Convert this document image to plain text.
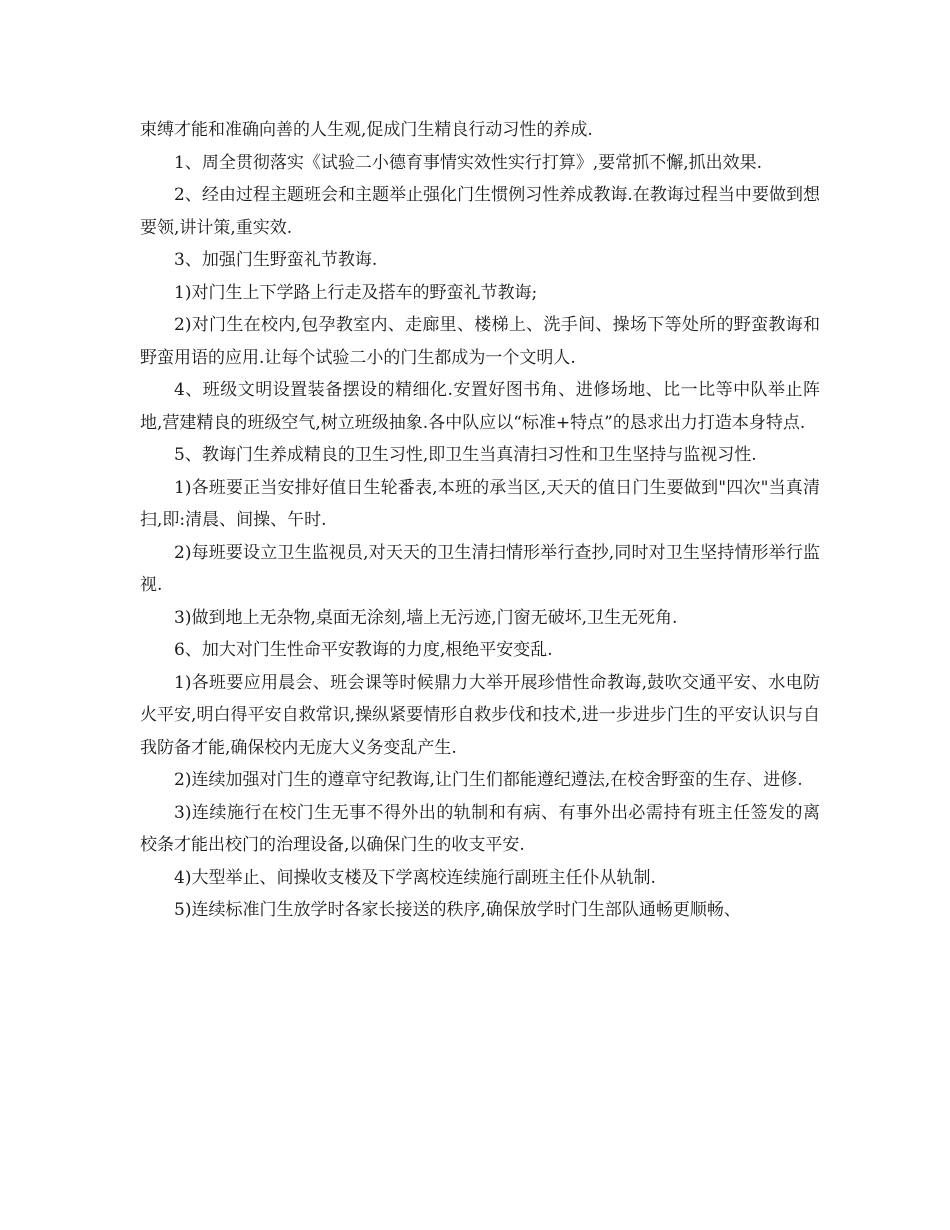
束缚才能和准确向善的人生观,促成门生精良行动习性的养成.

1、周全贯彻落实《试验二小德育事情实效性实行打算》,要常抓不懈,抓出效果.

2、经由过程主题班会和主题举止强化门生惯例习性养成教诲.在教诲过程当中要做到想要领,讲计策,重实效.

3、加强门生野蛮礼节教诲.

1)对门生上下学路上行走及搭车的野蛮礼节教诲;

2)对门生在校内,包孕教室内、走廊里、楼梯上、洗手间、操场下等处所的野蛮教诲和野蛮用语的应用.让每个试验二小的门生都成为一个文明人.

4、班级文明设置装备摆设的精细化.安置好图书角、进修场地、比一比等中队举止阵地,营建精良的班级空气,树立班级抽象.各中队应以“标准+特点”的恳求出力打造本身特点.

5、教诲门生养成精良的卫生习性,即卫生当真清扫习性和卫生坚持与监视习性.

1)各班要正当安排好值日生轮番表,本班的承当区,天天的值日门生要做到"四次"当真清扫,即:清晨、间操、午时.

2)每班要设立卫生监视员,对天天的卫生清扫情形举行查抄,同时对卫生坚持情形举行监视.

3)做到地上无杂物,桌面无涂刻,墙上无污迹,门窗无破坏,卫生无死角.

6、加大对门生性命平安教诲的力度,根绝平安变乱.

1)各班要应用晨会、班会课等时候鼎力大举开展珍惜性命教诲,鼓吹交通平安、水电防火平安,明白得平安自救常识,操纵紧要情形自救步伐和技术,进一步进步门生的平安认识与自我防备才能,确保校内无庞大义务变乱产生.

2)连续加强对门生的遵章守纪教诲,让门生们都能遵纪遵法,在校舍野蛮的生存、进修.

3)连续施行在校门生无事不得外出的轨制和有病、有事外出必需持有班主任签发的离校条才能出校门的治理设备,以确保门生的收支平安.

4)大型举止、间操收支楼及下学离校连续施行副班主任仆从轨制.

5)连续标准门生放学时各家长接送的秩序,确保放学时门生部队通畅更顺畅、
